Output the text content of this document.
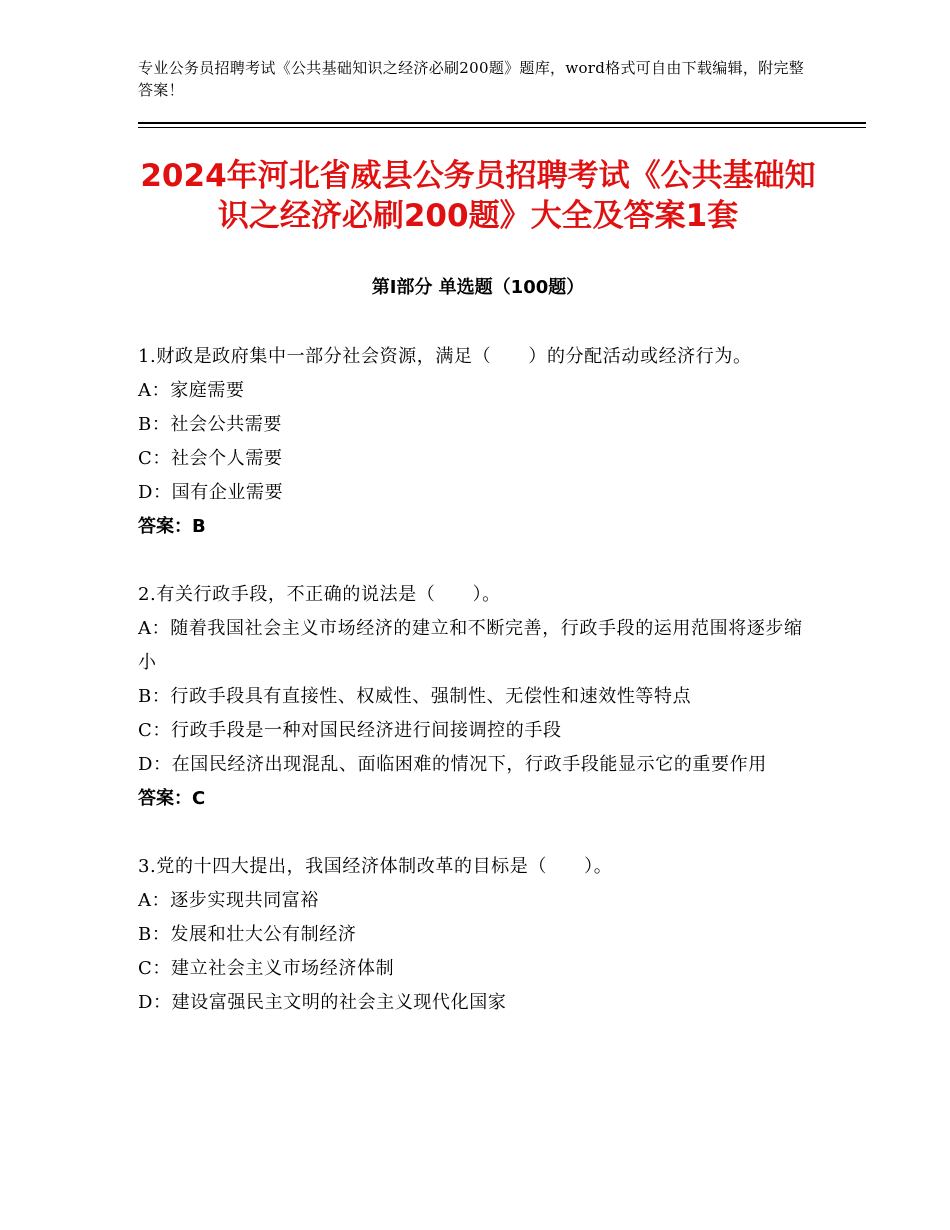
专业公务员招聘考试《公共基础知识之经济必刷200题》题库，word格式可自由下载编辑，附完整答案！
2024年河北省威县公务员招聘考试《公共基础知识之经济必刷200题》大全及答案1套
第Ⅰ部分 单选题（100题）
1.财政是政府集中一部分社会资源，满足（　　）的分配活动或经济行为。
A：家庭需要
B：社会公共需要
C：社会个人需要
D：国有企业需要
答案：B
2.有关行政手段，不正确的说法是（　　）。
A：随着我国社会主义市场经济的建立和不断完善，行政手段的运用范围将逐步缩小
B：行政手段具有直接性、权威性、强制性、无偿性和速效性等特点
C：行政手段是一种对国民经济进行间接调控的手段
D：在国民经济出现混乱、面临困难的情况下，行政手段能显示它的重要作用
答案：C
3.党的十四大提出，我国经济体制改革的目标是（　　）。
A：逐步实现共同富裕
B：发展和壮大公有制经济
C：建立社会主义市场经济体制
D：建设富强民主文明的社会主义现代化国家
